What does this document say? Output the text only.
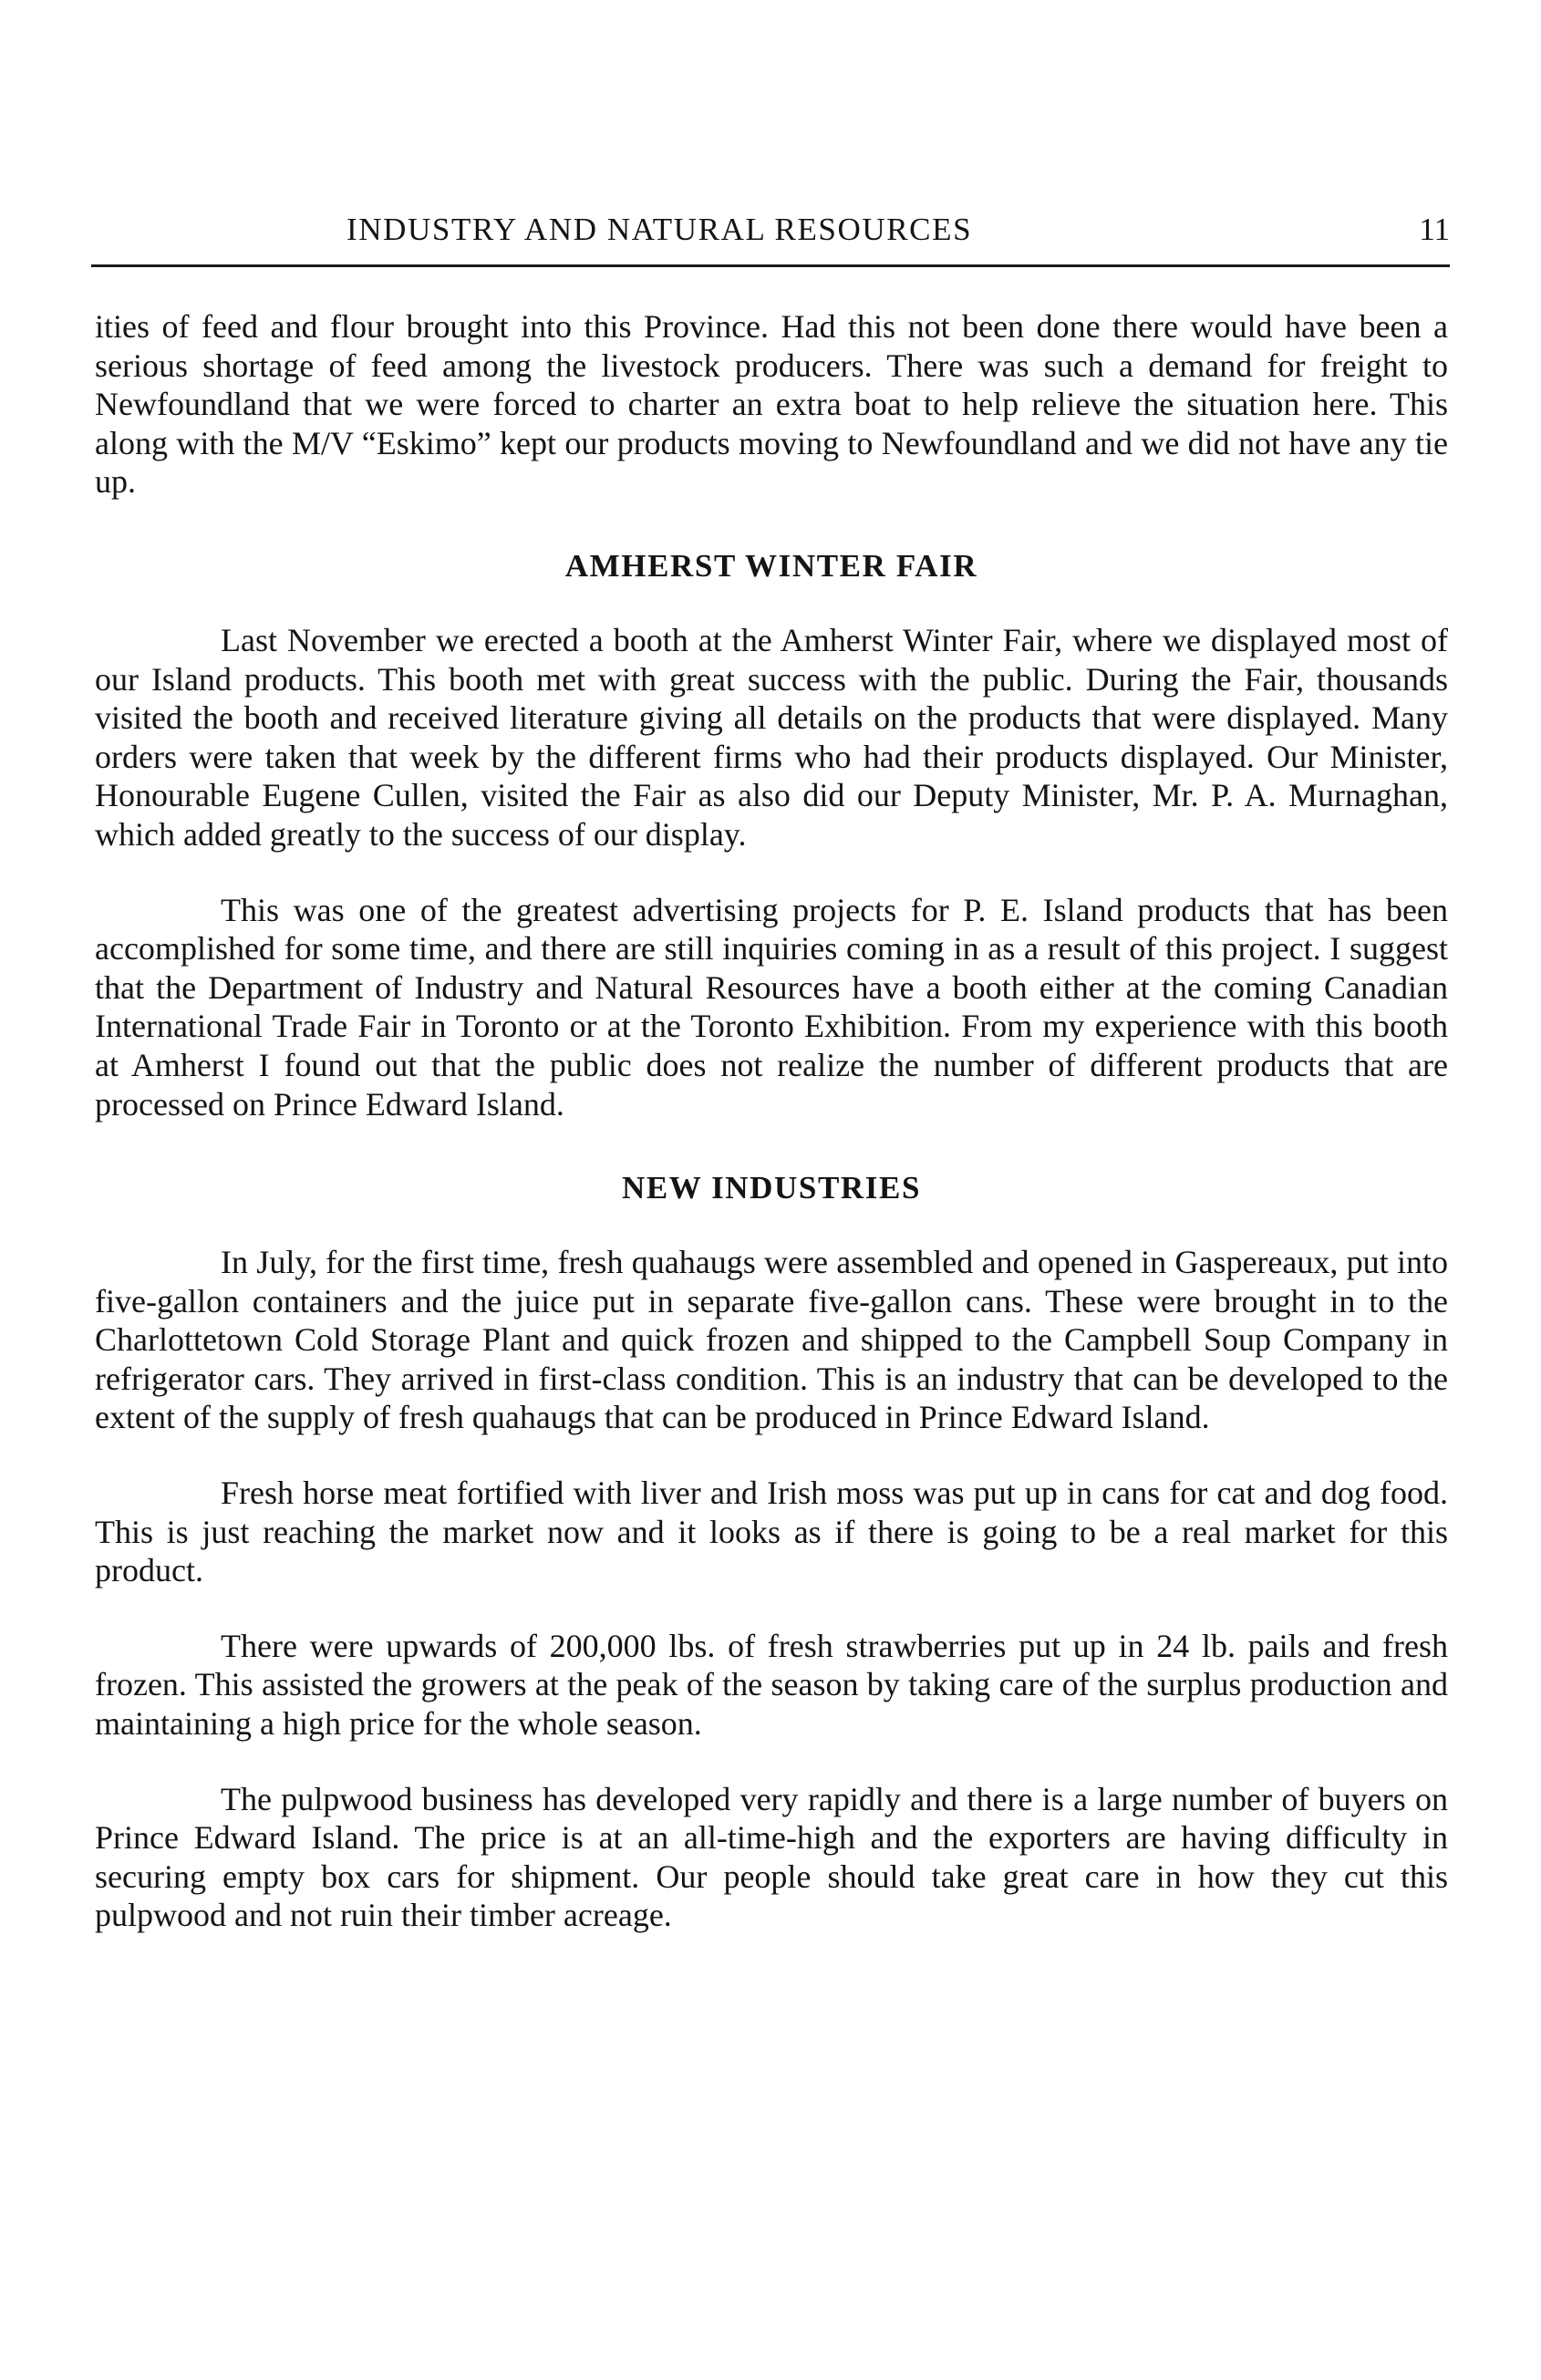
INDUSTRY AND NATURAL RESOURCES	11

ities of feed and flour brought into this Province. Had this not been done there would have been a serious shortage of feed among the livestock producers. There was such a demand for freight to Newfoundland that we were forced to charter an extra boat to help relieve the situation here. This along with the M/V “Eskimo” kept our products moving to Newfoundland and we did not have any tie up.

AMHERST WINTER FAIR

Last November we erected a booth at the Amherst Winter Fair, where we displayed most of our Island products. This booth met with great success with the public. During the Fair, thousands visited the booth and received literature giving all details on the products that were displayed. Many orders were taken that week by the different firms who had their products displayed. Our Minister, Honourable Eugene Cullen, visited the Fair as also did our Deputy Minister, Mr. P. A. Murnaghan, which added greatly to the success of our display.

This was one of the greatest advertising projects for P. E. Island products that has been accomplished for some time, and there are still inquiries coming in as a result of this project. I suggest that the Department of Industry and Natural Resources have a booth either at the coming Canadian International Trade Fair in Toronto or at the Toronto Exhibition. From my experience with this booth at Amherst I found out that the public does not realize the number of different products that are processed on Prince Edward Island.

NEW INDUSTRIES

In July, for the first time, fresh quahaugs were assembled and opened in Gaspereaux, put into five-gallon containers and the juice put in separate five-gallon cans. These were brought in to the Charlottetown Cold Storage Plant and quick frozen and shipped to the Campbell Soup Company in refrigerator cars. They arrived in first-class condition. This is an industry that can be developed to the extent of the supply of fresh quahaugs that can be produced in Prince Edward Island.

Fresh horse meat fortified with liver and Irish moss was put up in cans for cat and dog food. This is just reaching the market now and it looks as if there is going to be a real market for this product.

There were upwards of 200,000 lbs. of fresh strawberries put up in 24 lb. pails and fresh frozen. This assisted the growers at the peak of the season by taking care of the surplus production and maintaining a high price for the whole season.

The pulpwood business has developed very rapidly and there is a large number of buyers on Prince Edward Island. The price is at an all-time-high and the exporters are having difficulty in securing empty box cars for shipment. Our people should take great care in how they cut this pulpwood and not ruin their timber acreage.
